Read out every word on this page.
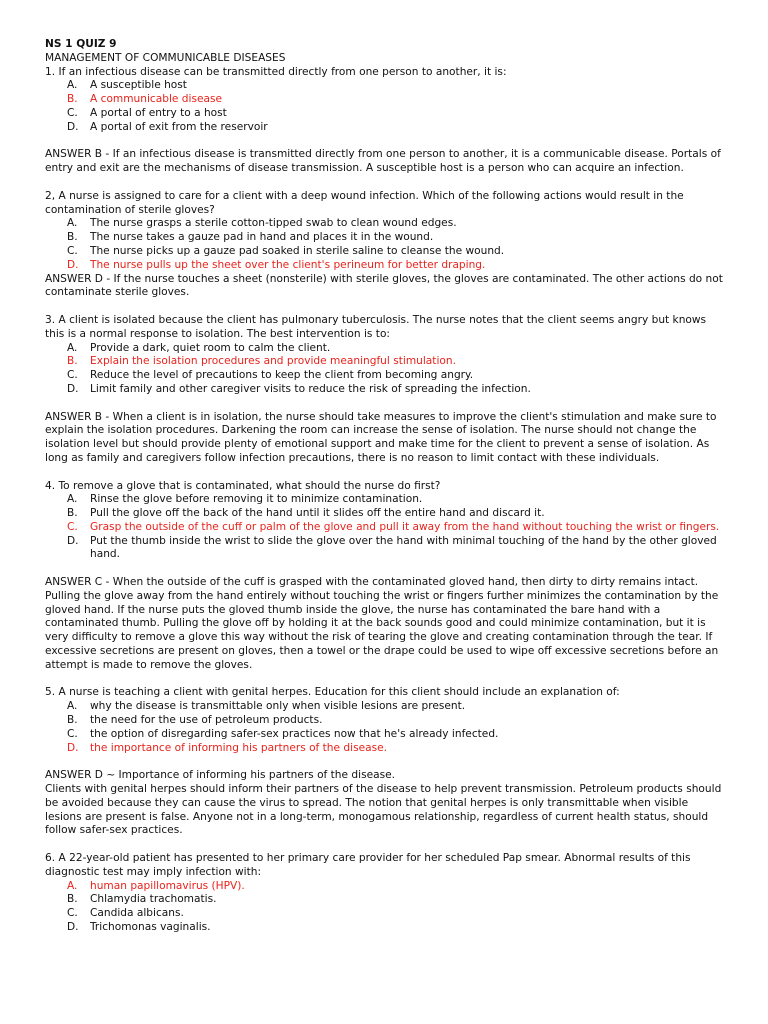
NS 1 QUIZ 9
MANAGEMENT OF COMMUNICABLE DISEASES
1. If an infectious disease can be transmitted directly from one person to another, it is:
A.	A susceptible host
B.	A communicable disease
C.	A portal of entry to a host
D.	A portal of exit from the reservoir
ANSWER B - If an infectious disease is transmitted directly from one person to another, it is a communicable disease. Portals of entry and exit are the mechanisms of disease transmission. A susceptible host is a person who can acquire an infection.
2, A nurse is assigned to care for a client with a deep wound infection. Which of the following actions would result in the contamination of sterile gloves?
A.	The nurse grasps a sterile cotton-tipped swab to clean wound edges.
B.	The nurse takes a gauze pad in hand and places it in the wound.
C.	The nurse picks up a gauze pad soaked in sterile saline to cleanse the wound.
D.	The nurse pulls up the sheet over the client's perineum for better draping.
ANSWER D - If the nurse touches a sheet (nonsterile) with sterile gloves, the gloves are contaminated. The other actions do not contaminate sterile gloves.
3. A client is isolated because the client has pulmonary tuberculosis. The nurse notes that the client seems angry but knows this is a normal response to isolation. The best intervention is to:
A.	Provide a dark, quiet room to calm the client.
B.	Explain the isolation procedures and provide meaningful stimulation.
C.	Reduce the level of precautions to keep the client from becoming angry.
D.	Limit family and other caregiver visits to reduce the risk of spreading the infection.
ANSWER B - When a client is in isolation, the nurse should take measures to improve the client's stimulation and make sure to explain the isolation procedures. Darkening the room can increase the sense of isolation. The nurse should not change the isolation level but should provide plenty of emotional support and make time for the client to prevent a sense of isolation. As long as family and caregivers follow infection precautions, there is no reason to limit contact with these individuals.
4. To remove a glove that is contaminated, what should the nurse do first?
A.	Rinse the glove before removing it to minimize contamination.
B.	Pull the glove off the back of the hand until it slides off the entire hand and discard it.
C.	Grasp the outside of the cuff or palm of the glove and pull it away from the hand without touching the wrist or fingers.
D.	Put the thumb inside the wrist to slide the glove over the hand with minimal touching of the hand by the other gloved hand.
ANSWER C - When the outside of the cuff is grasped with the contaminated gloved hand, then dirty to dirty remains intact. Pulling the glove away from the hand entirely without touching the wrist or fingers further minimizes the contamination by the gloved hand. If the nurse puts the gloved thumb inside the glove, the nurse has contaminated the bare hand with a contaminated thumb. Pulling the glove off by holding it at the back sounds good and could minimize contamination, but it is very difficulty to remove a glove this way without the risk of tearing the glove and creating contamination through the tear. If excessive secretions are present on gloves, then a towel or the drape could be used to wipe off excessive secretions before an attempt is made to remove the gloves.
5. A nurse is teaching a client with genital herpes. Education for this client should include an explanation of:
A.	why the disease is transmittable only when visible lesions are present.
B.	the need for the use of petroleum products.
C.	the option of disregarding safer-sex practices now that he's already infected.
D.	the importance of informing his partners of the disease.
ANSWER D ~ Importance of informing his partners of the disease.
Clients with genital herpes should inform their partners of the disease to help prevent transmission. Petroleum products should be avoided because they can cause the virus to spread. The notion that genital herpes is only transmittable when visible lesions are present is false. Anyone not in a long-term, monogamous relationship, regardless of current health status, should follow safer-sex practices.
6. A 22-year-old patient has presented to her primary care provider for her scheduled Pap smear. Abnormal results of this diagnostic test may imply infection with:
A.	human papillomavirus (HPV).
B.	Chlamydia trachomatis.
C.	Candida albicans.
D.	Trichomonas vaginalis.
